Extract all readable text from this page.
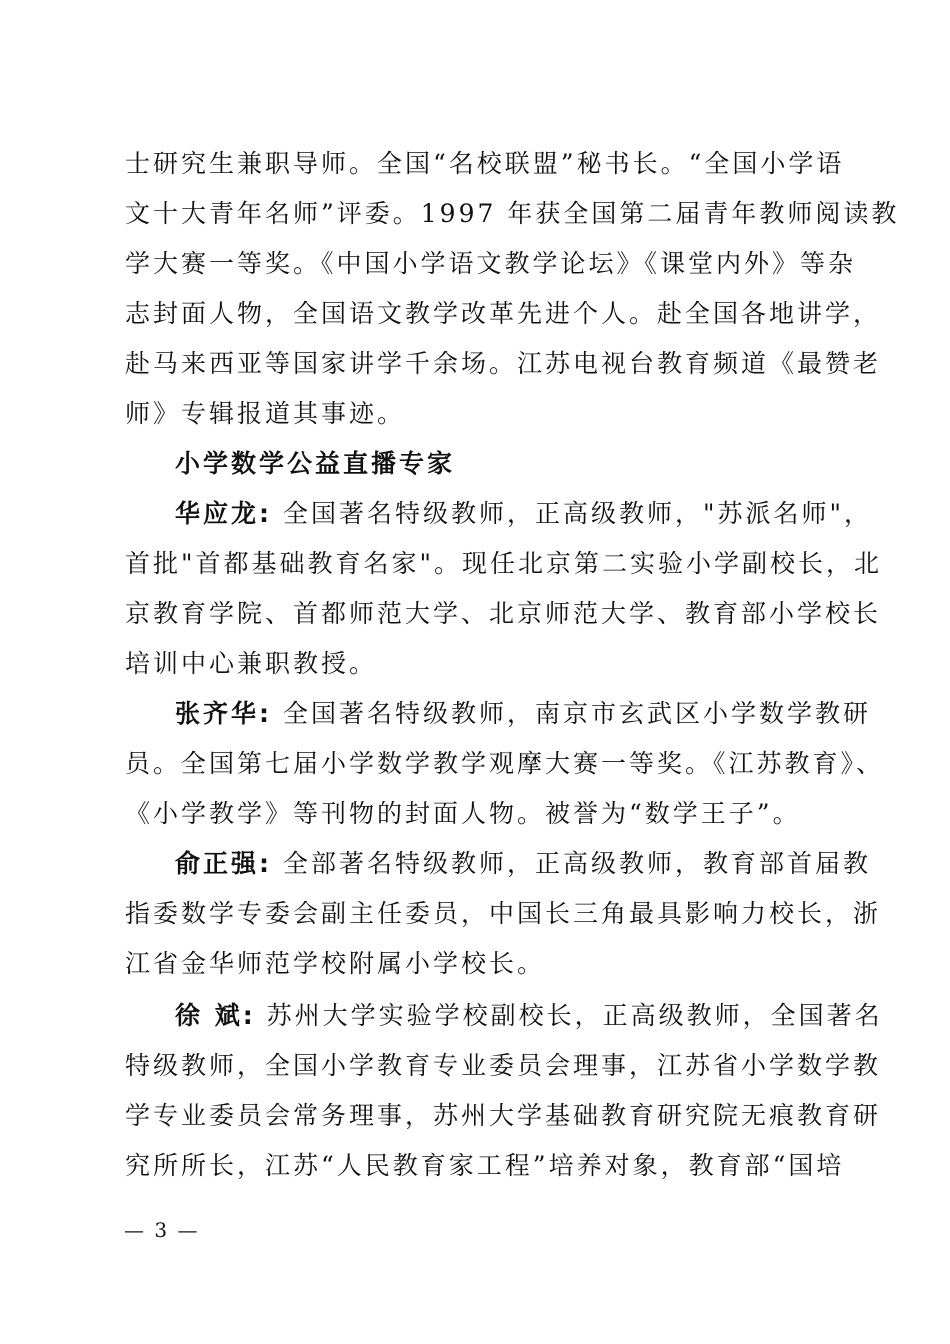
士研究生兼职导师。全国“名校联盟”秘书长。“全国小学语

文十大青年名师”评委。1997 年获全国第二届青年教师阅读教

学大赛一等奖。《中国小学语文教学论坛》《课堂内外》等杂

志封面人物，全国语文教学改革先进个人。赴全国各地讲学，

赴马来西亚等国家讲学千余场。江苏电视台教育频道《最赞老

师》专辑报道其事迹。

小学数学公益直播专家

华应龙: 全国著名特级教师，正高级教师，"苏派名师"，

首批"首都基础教育名家"。现任北京第二实验小学副校长，北

京教育学院、首都师范大学、北京师范大学、教育部小学校长

培训中心兼职教授。

张齐华: 全国著名特级教师，南京市玄武区小学数学教研

员。全国第七届小学数学教学观摩大赛一等奖。《江苏教育》、

《小学教学》等刊物的封面人物。被誉为“数学王子”。

俞正强: 全部著名特级教师，正高级教师，教育部首届教

指委数学专委会副主任委员，中国长三角最具影响力校长，浙

江省金华师范学校附属小学校长。

徐 斌: 苏州大学实验学校副校长，正高级教师，全国著名

特级教师，全国小学教育专业委员会理事，江苏省小学数学教

学专业委员会常务理事，苏州大学基础教育研究院无痕教育研

究所所长，江苏“人民教育家工程”培养对象，教育部“国培

— 3 —
